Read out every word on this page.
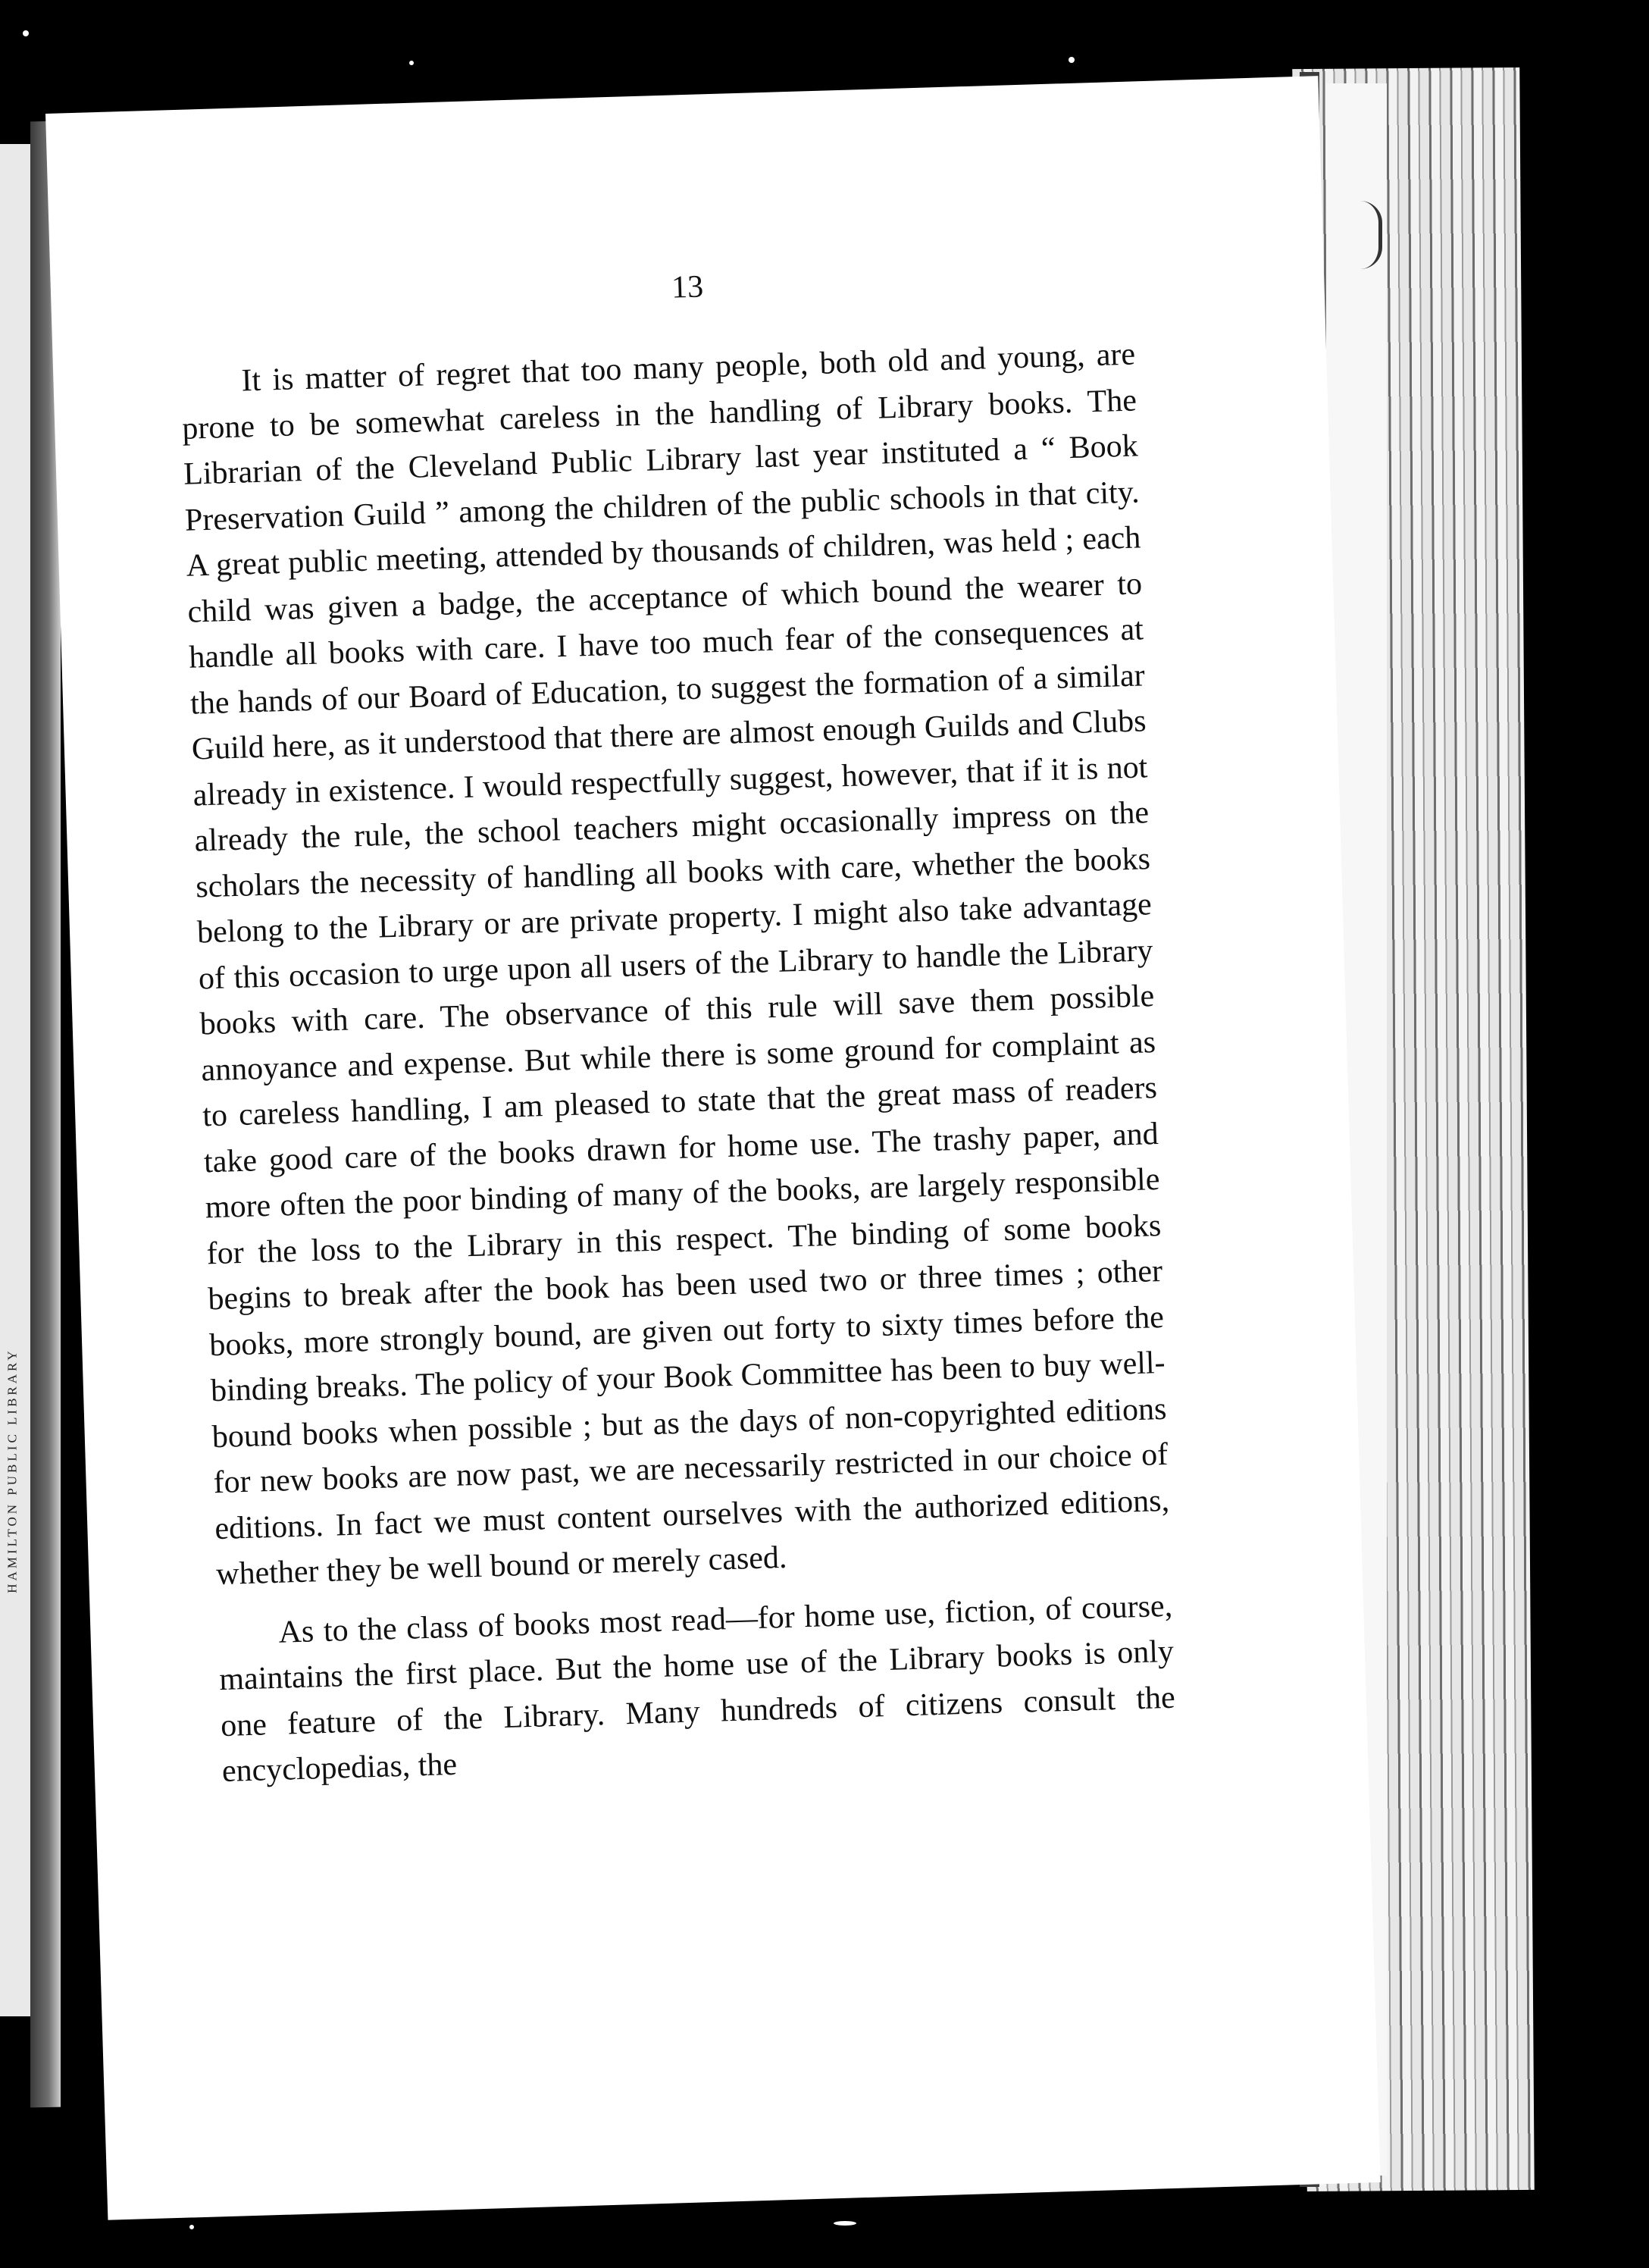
HAMILTON PUBLIC LIBRARY
13

It is matter of regret that too many people, both old and young, are prone to be somewhat careless in the handling of Library books. The Librarian of the Cleveland Public Library last year instituted a “ Book Preservation Guild ” among the children of the public schools in that city. A great public meeting, attended by thousands of children, was held ; each child was given a badge, the acceptance of which bound the wearer to handle all books with care. I have too much fear of the consequences at the hands of our Board of Education, to suggest the formation of a similar Guild here, as it understood that there are almost enough Guilds and Clubs already in existence. I would respectfully suggest, however, that if it is not already the rule, the school teachers might occasionally impress on the scholars the necessity of handling all books with care, whether the books belong to the Library or are private property. I might also take advantage of this occasion to urge upon all users of the Library to handle the Library books with care. The observance of this rule will save them possible annoyance and expense. But while there is some ground for complaint as to careless handling, I am pleased to state that the great mass of readers take good care of the books drawn for home use. The trashy paper, and more often the poor binding of many of the books, are largely responsible for the loss to the Library in this respect. The binding of some books begins to break after the book has been used two or three times ; other books, more strongly bound, are given out forty to sixty times before the binding breaks. The policy of your Book Committee has been to buy well-bound books when possible ; but as the days of non-copyrighted editions for new books are now past, we are necessarily restricted in our choice of editions. In fact we must content ourselves with the authorized editions, whether they be well bound or merely cased.

As to the class of books most read—for home use, fiction, of course, maintains the first place. But the home use of the Library books is only one feature of the Library. Many hundreds of citizens consult the encyclopedias, the
